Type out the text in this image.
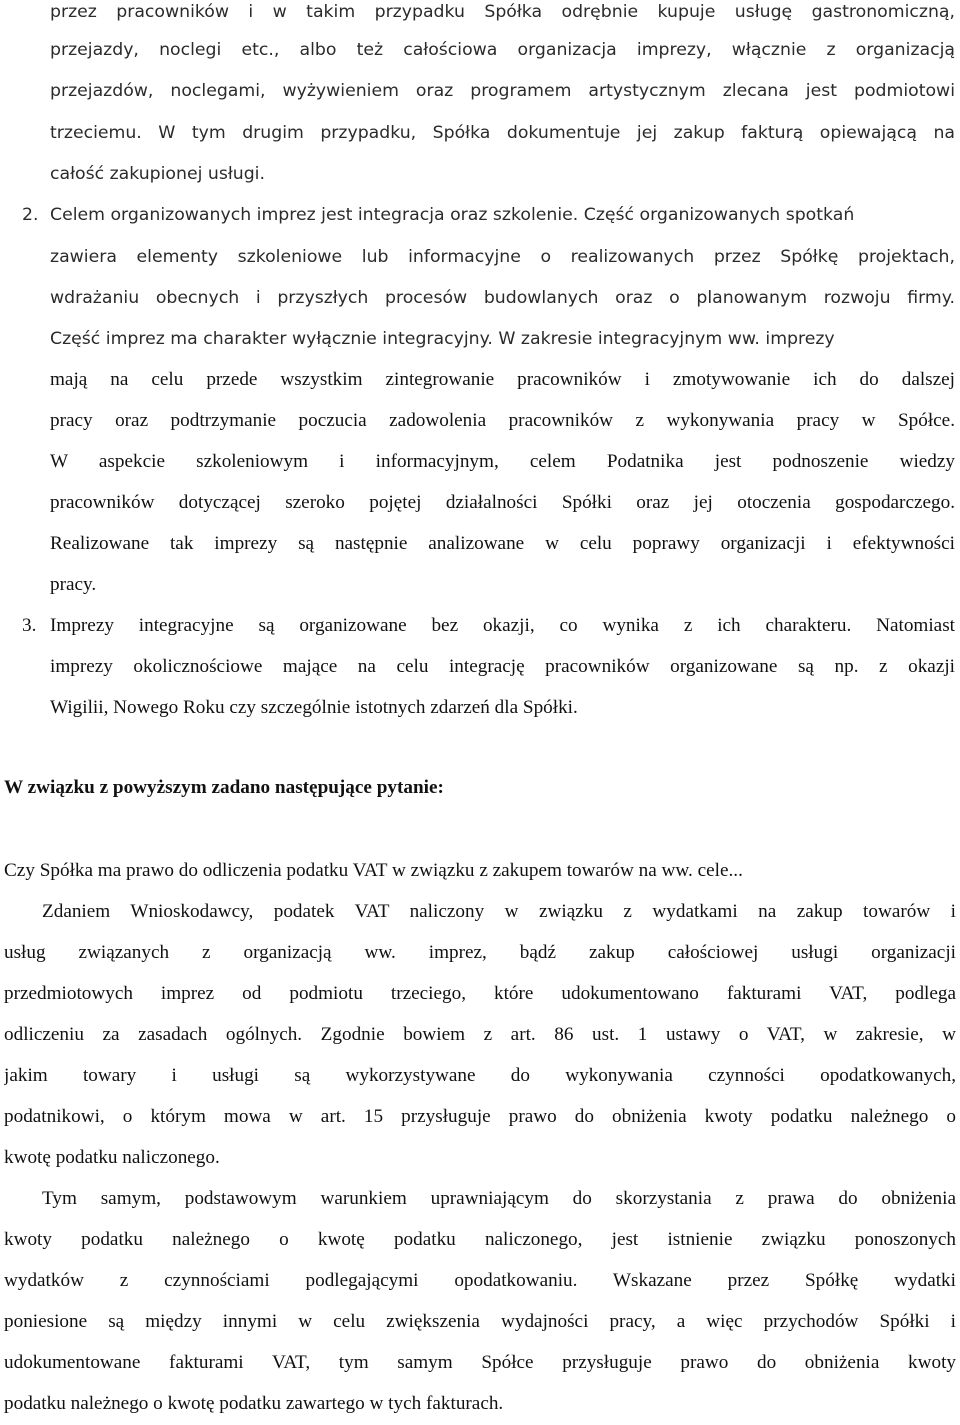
przez pracowników i w takim przypadku Spółka odrębnie kupuje usługę gastronomiczną,
przejazdy, noclegi etc., albo też całościowa organizacja imprezy, włącznie z organizacją
przejazdów, noclegami, wyżywieniem oraz programem artystycznym zlecana jest podmiotowi
trzeciemu. W tym drugim przypadku, Spółka dokumentuje jej zakup fakturą opiewającą na
całość zakupionej usługi.
2. Celem organizowanych imprez jest integracja oraz szkolenie. Część organizowanych spotkań
zawiera elementy szkoleniowe lub informacyjne o realizowanych przez Spółkę projektach,
wdrażaniu obecnych i przyszłych procesów budowlanych oraz o planowanym rozwoju firmy.
Część imprez ma charakter wyłącznie integracyjny. W zakresie integracyjnym ww. imprezy
mają na celu przede wszystkim zintegrowanie pracowników i zmotywowanie ich do dalszej
pracy oraz podtrzymanie poczucia zadowolenia pracowników z wykonywania pracy w Spółce.
W aspekcie szkoleniowym i informacyjnym, celem Podatnika jest podnoszenie wiedzy
pracowników dotyczącej szeroko pojętej działalności Spółki oraz jej otoczenia gospodarczego.
Realizowane tak imprezy są następnie analizowane w celu poprawy organizacji i efektywności
pracy.
3. Imprezy integracyjne są organizowane bez okazji, co wynika z ich charakteru. Natomiast
imprezy okolicznościowe mające na celu integrację pracowników organizowane są np. z okazji
Wigilii, Nowego Roku czy szczególnie istotnych zdarzeń dla Spółki.
W związku z powyższym zadano następujące pytanie:
Czy Spółka ma prawo do odliczenia podatku VAT w związku z zakupem towarów na ww. cele...
Zdaniem Wnioskodawcy, podatek VAT naliczony w związku z wydatkami na zakup towarów i
usług związanych z organizacją ww. imprez, bądź zakup całościowej usługi organizacji
przedmiotowych imprez od podmiotu trzeciego, które udokumentowano fakturami VAT, podlega
odliczeniu za zasadach ogólnych. Zgodnie bowiem z art. 86 ust. 1 ustawy o VAT, w zakresie, w
jakim towary i usługi są wykorzystywane do wykonywania czynności opodatkowanych,
podatnikowi, o którym mowa w art. 15 przysługuje prawo do obniżenia kwoty podatku należnego o
kwotę podatku naliczonego.
Tym samym, podstawowym warunkiem uprawniającym do skorzystania z prawa do obniżenia
kwoty podatku należnego o kwotę podatku naliczonego, jest istnienie związku ponoszonych
wydatków z czynnościami podlegającymi opodatkowaniu. Wskazane przez Spółkę wydatki
poniesione są między innymi w celu zwiększenia wydajności pracy, a więc przychodów Spółki i
udokumentowane fakturami VAT, tym samym Spółce przysługuje prawo do obniżenia kwoty
podatku należnego o kwotę podatku zawartego w tych fakturach.
